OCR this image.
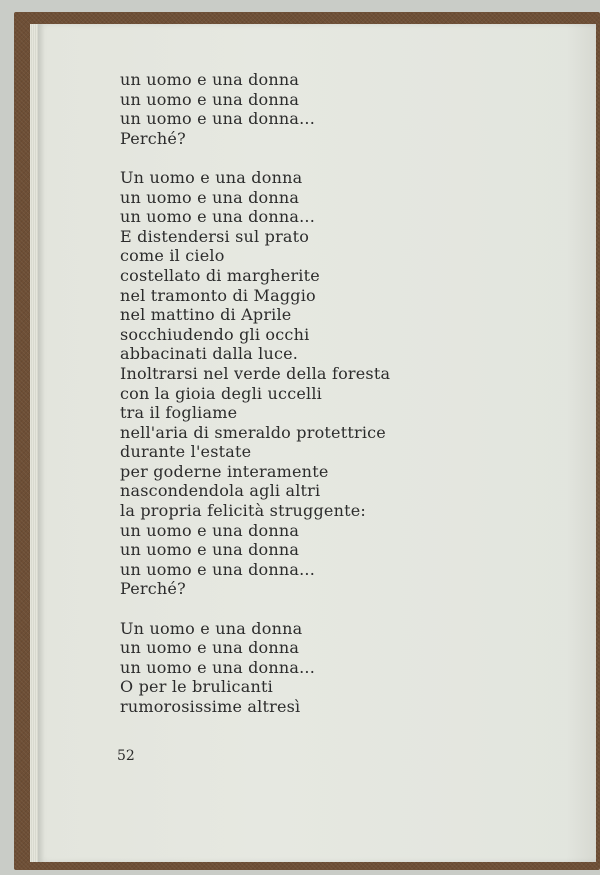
un uomo e una donna
un uomo e una donna
un uomo e una donna...
Perché?
Un uomo e una donna
un uomo e una donna
un uomo e una donna...
E distendersi sul prato
come il cielo
costellato di margherite
nel tramonto di Maggio
nel mattino di Aprile
socchiudendo gli occhi
abbacinati dalla luce.
Inoltrarsi nel verde della foresta
con la gioia degli uccelli
tra il fogliame
nell'aria di smeraldo protettrice
durante l'estate
per goderne interamente
nascondendola agli altri
la propria felicità struggente:
un uomo e una donna
un uomo e una donna
un uomo e una donna...
Perché?
Un uomo e una donna
un uomo e una donna
un uomo e una donna...
O per le brulicanti
rumorosissime altresì
52
